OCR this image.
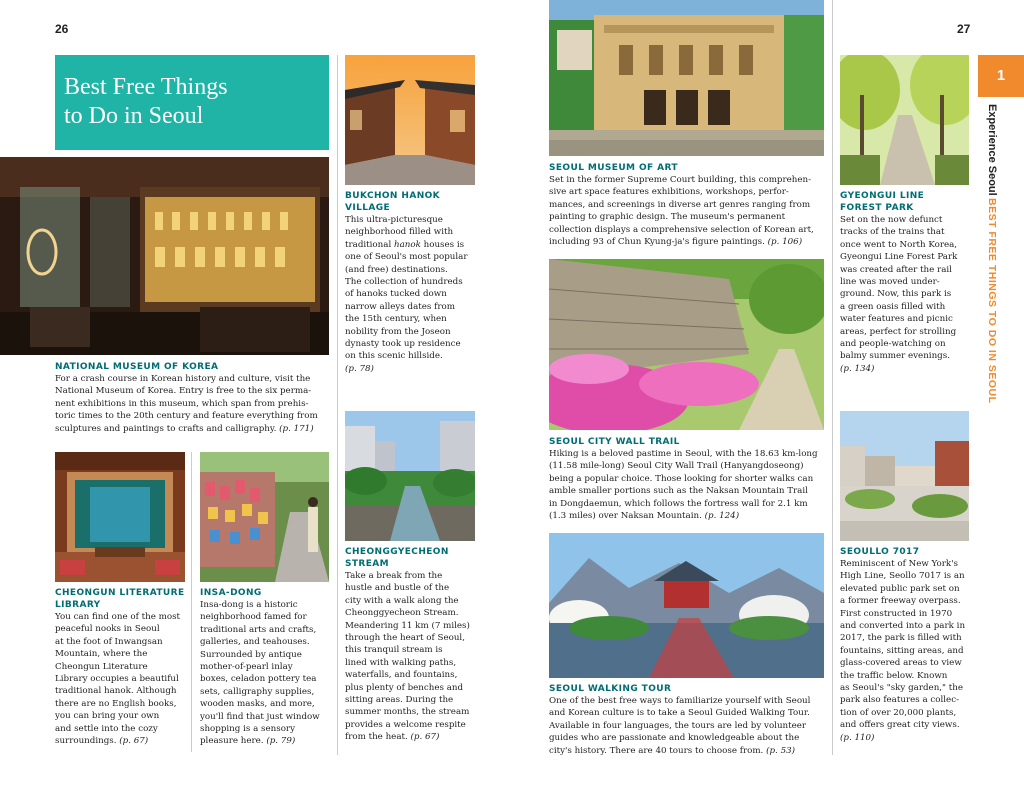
26	27
Best Free Things
to Do in Seoul

NATIONAL MUSEUM OF KOREA

For a crash course in Korean history and culture, visit the

National Museum of Korea. Entry is free to the six perma-

nent exhibitions in this museum, which span from prehis-

toric times to the 20th century and feature everything from

sculptures and paintings to crafts and calligraphy. (p. 171)

BUKCHON HANOK

VILLAGE

This ultra-picturesque

neighborhood filled with

traditional hanok houses is

one of Seoul's most popular

(and free) destinations.

The collection of hundreds

of hanoks tucked down

narrow alleys dates from

the 15th century, when

nobility from the Joseon

dynasty took up residence

on this scenic hillside.

(p. 78)

CHEONGUN LITERATURE

LIBRARY

You can find one of the most

peaceful nooks in Seoul

at the foot of Inwangsan

Mountain, where the

Cheongun Literature

Library occupies a beautiful

traditional hanok. Although

there are no English books,

you can bring your own

and settle into the cozy

surroundings. (p. 67)

INSA-DONG

Insa-dong is a historic

neighborhood famed for

traditional arts and crafts,

galleries, and teahouses.

Surrounded by antique

mother-of-pearl inlay

boxes, celadon pottery tea

sets, calligraphy supplies,

wooden masks, and more,

you'll find that just window

shopping is a sensory

pleasure here. (p. 79)

CHEONGGYECHEON

STREAM

Take a break from the

hustle and bustle of the

city with a walk along the

Cheonggyecheon Stream.

Meandering 11 km (7 miles)

through the heart of Seoul,

this tranquil stream is

lined with walking paths,

waterfalls, and fountains,

plus plenty of benches and

sitting areas. During the

summer months, the stream

provides a welcome respite

from the heat. (p. 67)

SEOUL MUSEUM OF ART

Set in the former Supreme Court building, this comprehen-

sive art space features exhibitions, workshops, perfor-

mances, and screenings in diverse art genres ranging from

painting to graphic design. The museum's permanent

collection displays a comprehensive selection of Korean art,

including 93 of Chun Kyung-ja's figure paintings. (p. 106)

SEOUL CITY WALL TRAIL

Hiking is a beloved pastime in Seoul, with the 18.63 km-long

(11.58 mile-long) Seoul City Wall Trail (Hanyangdoseong)

being a popular choice. Those looking for shorter walks can

amble smaller portions such as the Naksan Mountain Trail

in Dongdaemun, which follows the fortress wall for 2.1 km

(1.3 miles) over Naksan Mountain. (p. 124)

SEOUL WALKING TOUR

One of the best free ways to familiarize yourself with Seoul

and Korean culture is to take a Seoul Guided Walking Tour.

Available in four languages, the tours are led by volunteer

guides who are passionate and knowledgeable about the

city's history. There are 40 tours to choose from. (p. 53)

GYEONGUI LINE

FOREST PARK

Set on the now defunct

tracks of the trains that

once went to North Korea,

Gyeongui Line Forest Park

was created after the rail

line was moved under-

ground. Now, this park is

a green oasis filled with

water features and picnic

areas, perfect for strolling

and people-watching on

balmy summer evenings.

(p. 134)

SEOULLO 7017

Reminiscent of New York's

High Line, Seollo 7017 is an

elevated public park set on

a former freeway overpass.

First constructed in 1970

and converted into a park in

2017, the park is filled with

fountains, sitting areas, and

glass-covered areas to view

the traffic below. Known

as Seoul's "sky garden," the

park also features a collec-

tion of over 20,000 plants,

and offers great city views.

(p. 110)

1
Experience Seoul
BEST FREE THINGS TO DO IN SEOUL
